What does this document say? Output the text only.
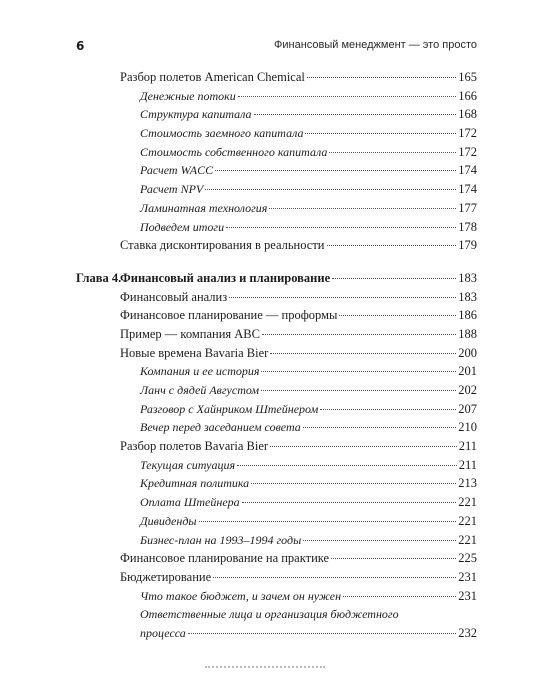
6	Финансовый менеджмент — это просто
Разбор полетов American Chemical	165
Денежные потоки	166
Структура капитала	168
Стоимость заемного капитала	172
Стоимость собственного капитала	172
Расчет WACC	174
Расчет NPV	174
Ламинатная технология	177
Подведем итоги	178
Ставка дисконтирования в реальности	179
Глава 4.
Финансовый анализ и планирование	183
Финансовый анализ	183
Финансовое планирование — проформы	186
Пример — компания ABC	188
Новые времена Bavaria Bier	200
Компания и ее история	201
Ланч с дядей Августом	202
Разговор с Хайнриком Штейнером	207
Вечер перед заседанием совета	210
Разбор полетов Bavaria Bier	211
Текущая ситуация	211
Кредитная политика	213
Оплата Штейнера	221
Дивиденды	221
Бизнес-план на 1993–1994 годы	221
Финансовое планирование на практике	225
Бюджетирование	231
Что такое бюджет, и зачем он нужен	231
Ответственные лица и организация бюджетного
процесса	232
